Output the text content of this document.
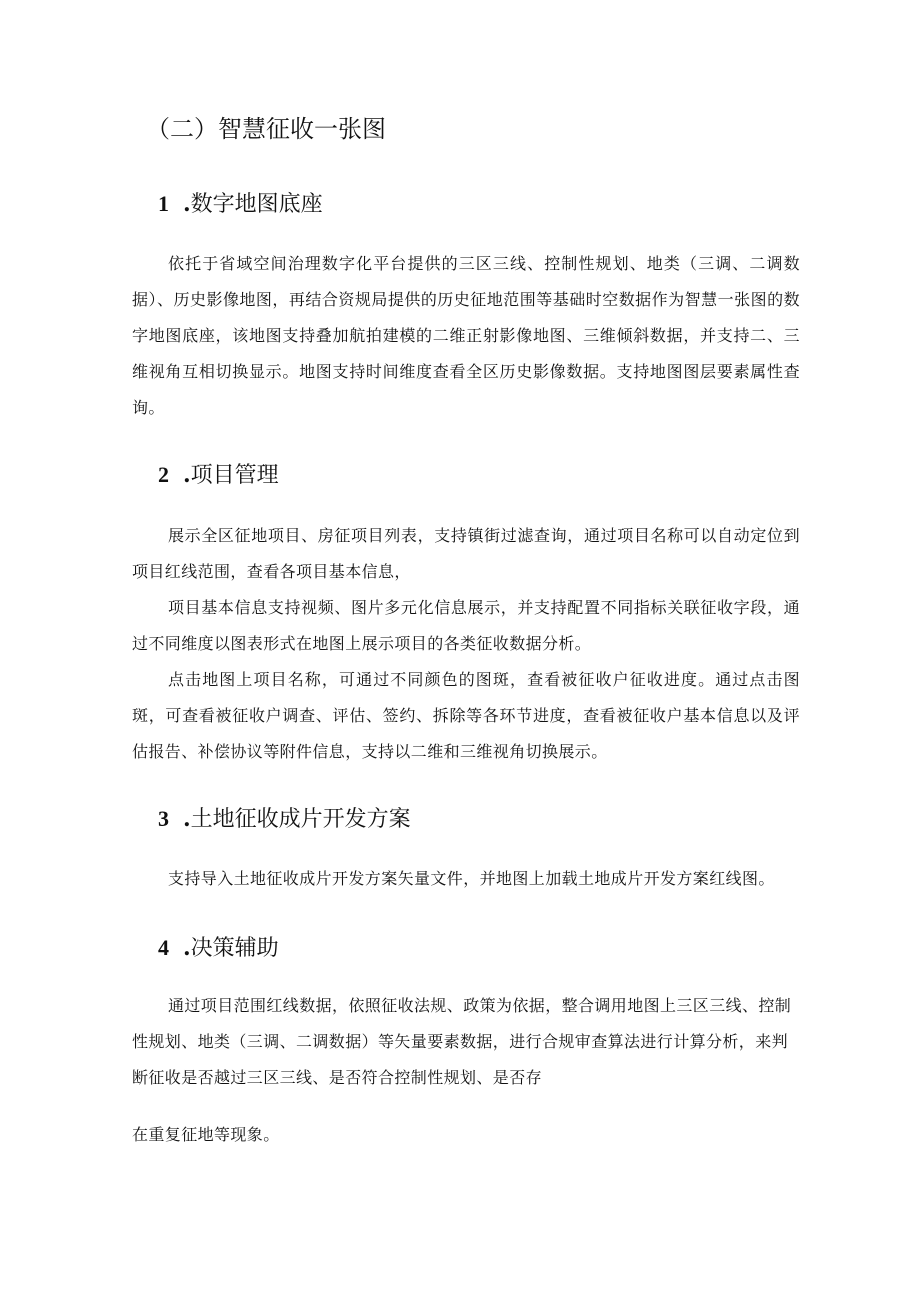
（二）智慧征收一张图
1 .数字地图底座

依托于省域空间治理数字化平台提供的三区三线、控制性规划、地类（三调、二调数据）、历史影像地图，再结合资规局提供的历史征地范围等基础时空数据作为智慧一张图的数字地图底座，该地图支持叠加航拍建模的二维正射影像地图、三维倾斜数据，并支持二、三维视角互相切换显示。地图支持时间维度查看全区历史影像数据。支持地图图层要素属性查询。

2 .项目管理

展示全区征地项目、房征项目列表，支持镇街过滤查询，通过项目名称可以自动定位到项目红线范围，查看各项目基本信息，

项目基本信息支持视频、图片多元化信息展示，并支持配置不同指标关联征收字段，通过不同维度以图表形式在地图上展示项目的各类征收数据分析。

点击地图上项目名称，可通过不同颜色的图斑，查看被征收户征收进度。通过点击图斑，可查看被征收户调查、评估、签约、拆除等各环节进度，查看被征收户基本信息以及评估报告、补偿协议等附件信息，支持以二维和三维视角切换展示。

3 .土地征收成片开发方案

支持导入土地征收成片开发方案矢量文件，并地图上加载土地成片开发方案红线图。

4 .决策辅助

通过项目范围红线数据，依照征收法规、政策为依据，整合调用地图上三区三线、控制性规划、地类（三调、二调数据）等矢量要素数据，进行合规审查算法进行计算分析，来判断征收是否越过三区三线、是否符合控制性规划、是否存

在重复征地等现象。
